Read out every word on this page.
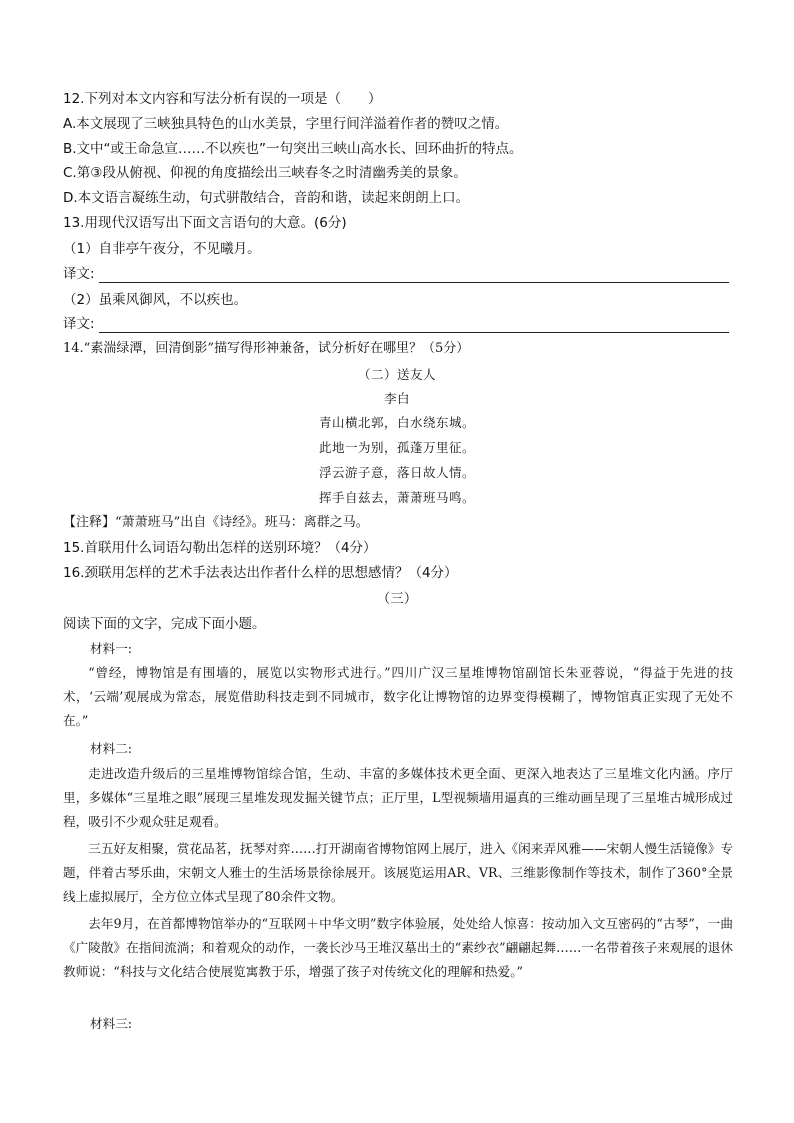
12.下列对本文内容和写法分析有误的一项是（　　）
A.本文展现了三峡独具特色的山水美景，字里行间洋溢着作者的赞叹之情。
B.文中“或王命急宣……不以疾也”一句突出三峡山高水长、回环曲折的特点。
C.第③段从俯视、仰视的角度描绘出三峡春冬之时清幽秀美的景象。
D.本文语言凝练生动，句式骈散结合，音韵和谐，读起来朗朗上口。
13.用现代汉语写出下面文言语句的大意。(6分)
（1）自非亭午夜分，不见曦月。
译文:
（2）虽乘风御风，不以疾也。
译文:
14.“素湍绿潭，回清倒影”描写得形神兼备，试分析好在哪里？（5分）
（二）送友人
李白
青山横北郭，白水绕东城。
此地一为别，孤蓬万里征。
浮云游子意，落日故人情。
挥手自兹去，萧萧班马鸣。
【注释】“萧萧班马”出自《诗经》。班马：离群之马。
15.首联用什么词语勾勒出怎样的送别环境？（4分）
16.颈联用怎样的艺术手法表达出作者什么样的思想感情？（4分）
（三）
阅读下面的文字，完成下面小题。
材料一:
“曾经，博物馆是有围墙的，展览以实物形式进行。”四川广汉三星堆博物馆副馆长朱亚蓉说，“得益于先进的技术，‘云端’观展成为常态，展览借助科技走到不同城市，数字化让博物馆的边界变得模糊了，博物馆真正实现了无处不在。”
材料二:
走进改造升级后的三星堆博物馆综合馆，生动、丰富的多媒体技术更全面、更深入地表达了三星堆文化内涵。序厅里，多媒体“三星堆之眼”展现三星堆发现发掘关键节点；正厅里，L型视频墙用逼真的三维动画呈现了三星堆古城形成过程，吸引不少观众驻足观看。
三五好友相聚，赏花品茗，抚琴对弈……打开湖南省博物馆网上展厅，进入《闲来弄风雅——宋朝人慢生活镜像》专题，伴着古琴乐曲，宋朝文人雅士的生活场景徐徐展开。该展览运用AR、VR、三维影像制作等技术，制作了360°全景线上虚拟展厅，全方位立体式呈现了80余件文物。
去年9月，在首都博物馆举办的“互联网＋中华文明”数字体验展，处处给人惊喜：按动加入文互密码的“古琴”，一曲《广陵散》在指间流淌；和着观众的动作，一袭长沙马王堆汉墓出土的“素纱衣”翩翩起舞……一名带着孩子来观展的退休教师说：“科技与文化结合使展览寓教于乐，增强了孩子对传统文化的理解和热爱。”
材料三:
